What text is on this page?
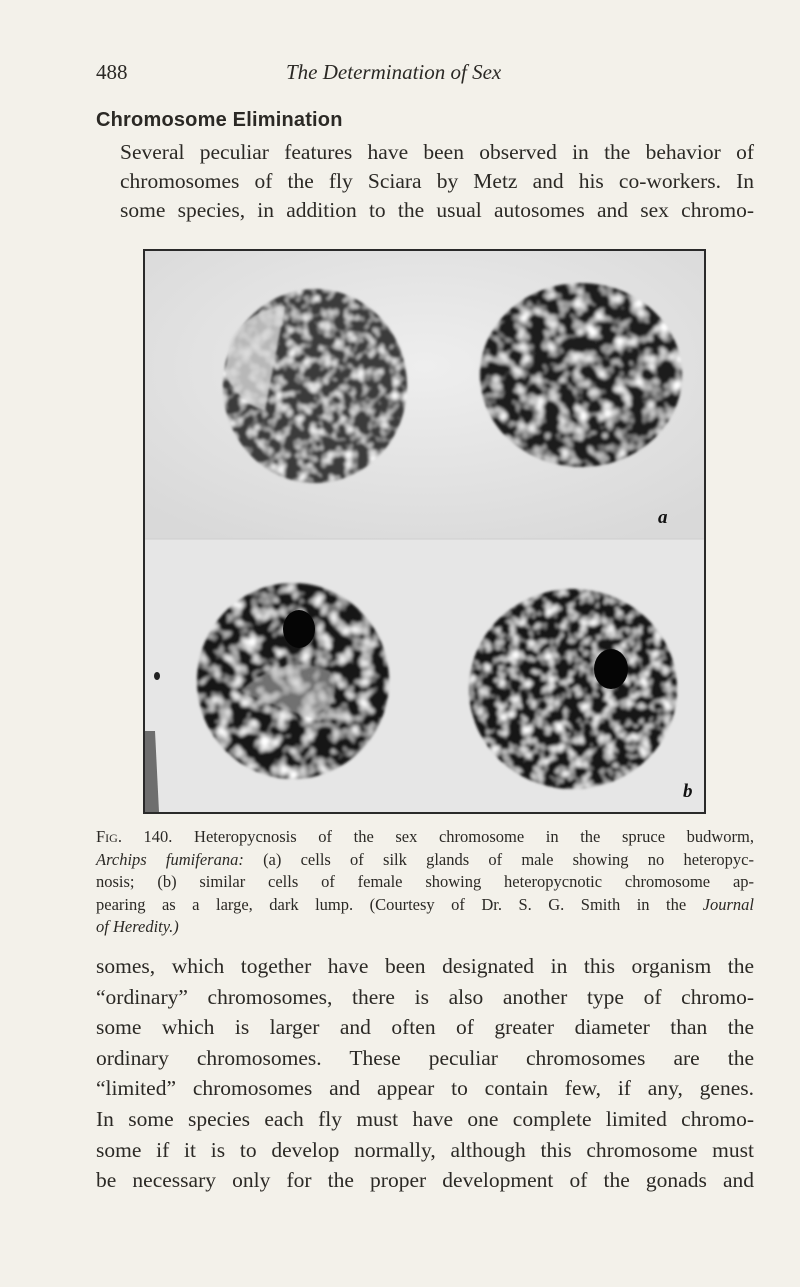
488	The Determination of Sex
Chromosome Elimination

Several peculiar features have been observed in the behavior of
chromosomes of the fly Sciara by Metz and his co-workers. In
some species, in addition to the usual autosomes and sex chromo-

a
b

Fig. 140. Heteropycnosis of the sex chromosome in the spruce budworm,
Archips fumiferana: (a) cells of silk glands of male showing no heteropyc-
nosis; (b) similar cells of female showing heteropycnotic chromosome ap-
pearing as a large, dark lump. (Courtesy of Dr. S. G. Smith in the Journal
of Heredity.)

somes, which together have been designated in this organism the
“ordinary” chromosomes, there is also another type of chromo-
some which is larger and often of greater diameter than the
ordinary chromosomes. These peculiar chromosomes are the
“limited” chromosomes and appear to contain few, if any, genes.
In some species each fly must have one complete limited chromo-
some if it is to develop normally, although this chromosome must
be necessary only for the proper development of the gonads and
